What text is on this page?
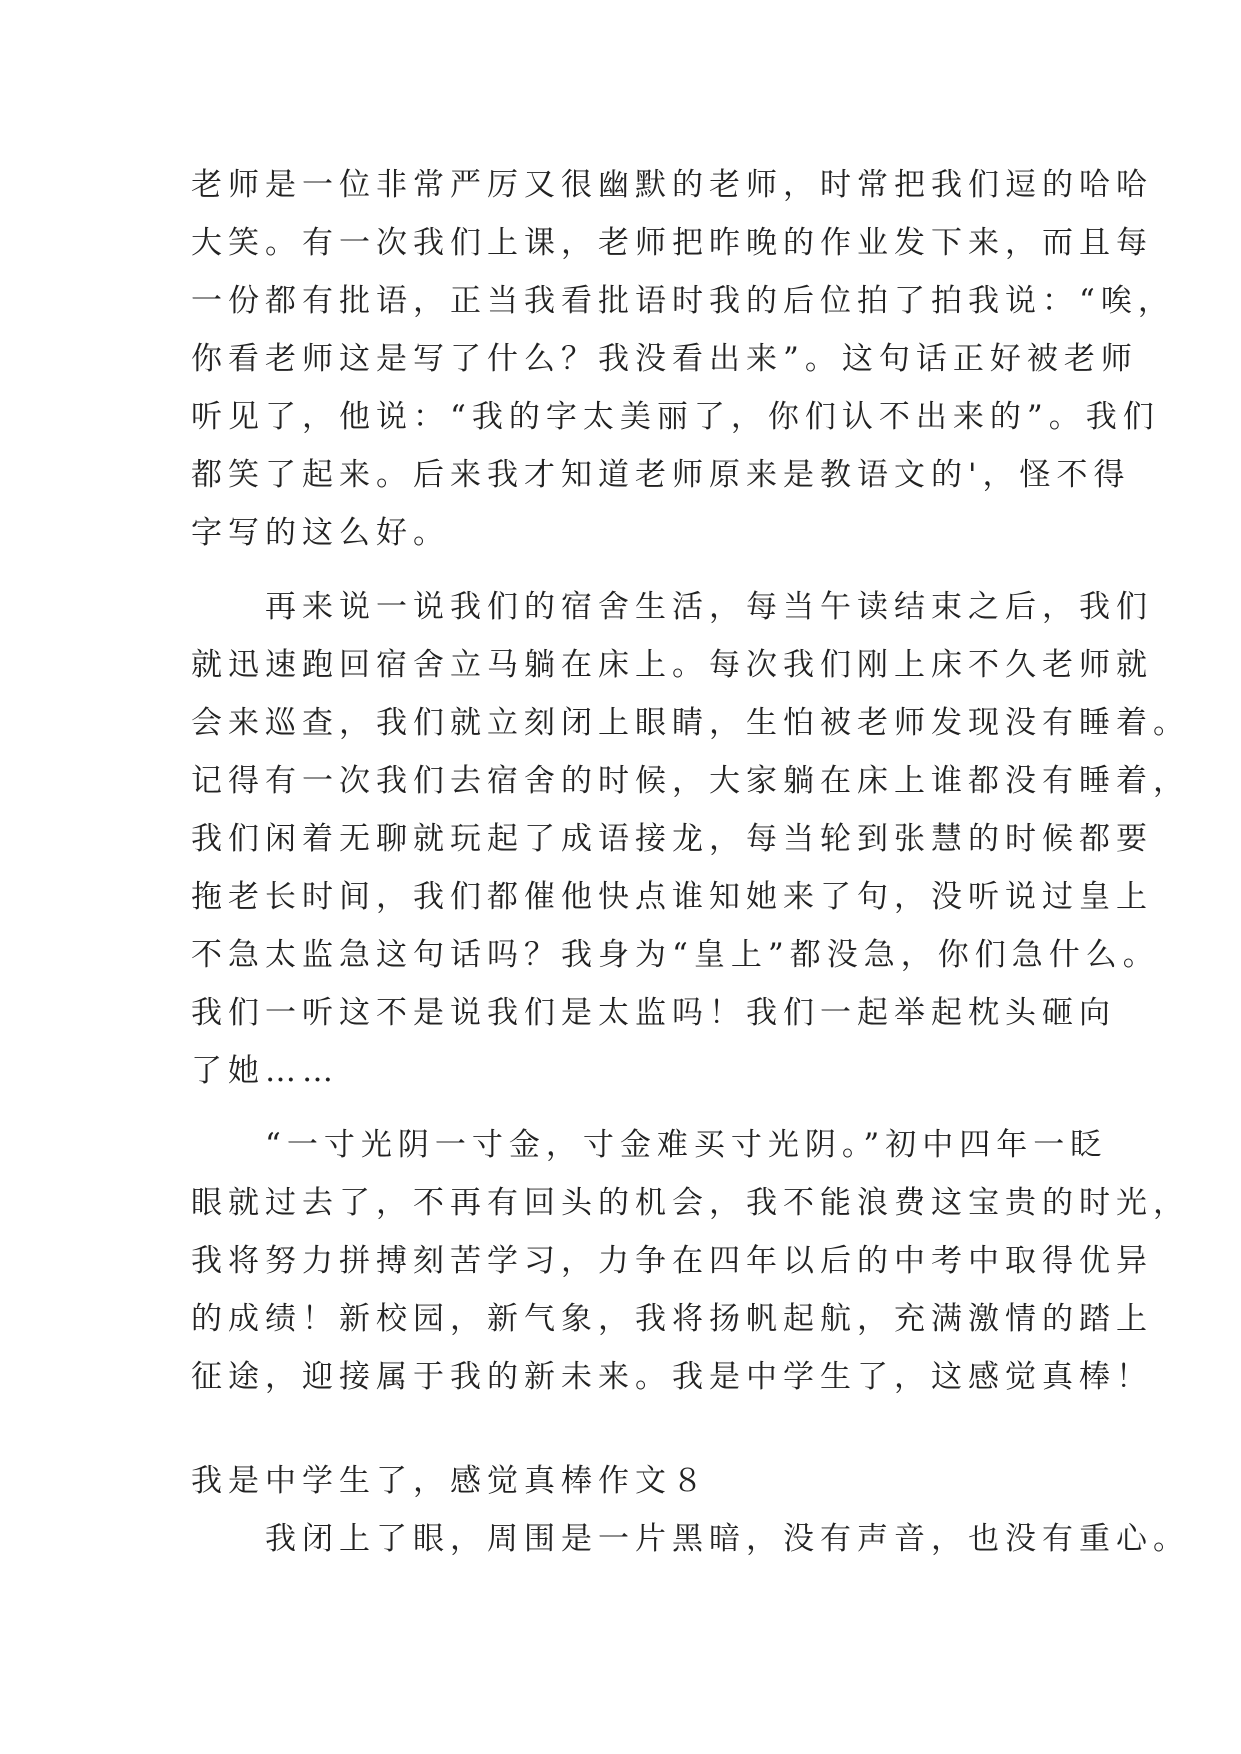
老师是一位非常严厉又很幽默的老师，时常把我们逗的哈哈
大笑。有一次我们上课，老师把昨晚的作业发下来，而且每
一份都有批语，正当我看批语时我的后位拍了拍我说：“唉，
你看老师这是写了什么？我没看出来”。这句话正好被老师
听见了，他说：“我的字太美丽了，你们认不出来的”。我们
都笑了起来。后来我才知道老师原来是教语文的'，怪不得
字写的这么好。
　　再来说一说我们的宿舍生活，每当午读结束之后，我们
就迅速跑回宿舍立马躺在床上。每次我们刚上床不久老师就
会来巡查，我们就立刻闭上眼睛，生怕被老师发现没有睡着。
记得有一次我们去宿舍的时候，大家躺在床上谁都没有睡着，
我们闲着无聊就玩起了成语接龙，每当轮到张慧的时候都要
拖老长时间，我们都催他快点谁知她来了句，没听说过皇上
不急太监急这句话吗？我身为“皇上”都没急，你们急什么。
我们一听这不是说我们是太监吗！我们一起举起枕头砸向
了她……
　　“一寸光阴一寸金，寸金难买寸光阴。”初中四年一眨
眼就过去了，不再有回头的机会，我不能浪费这宝贵的时光，
我将努力拼搏刻苦学习，力争在四年以后的中考中取得优异
的成绩！新校园，新气象，我将扬帆起航，充满激情的踏上
征途，迎接属于我的新未来。我是中学生了，这感觉真棒！
我是中学生了，感觉真棒作文８
　　我闭上了眼，周围是一片黑暗，没有声音，也没有重心。
